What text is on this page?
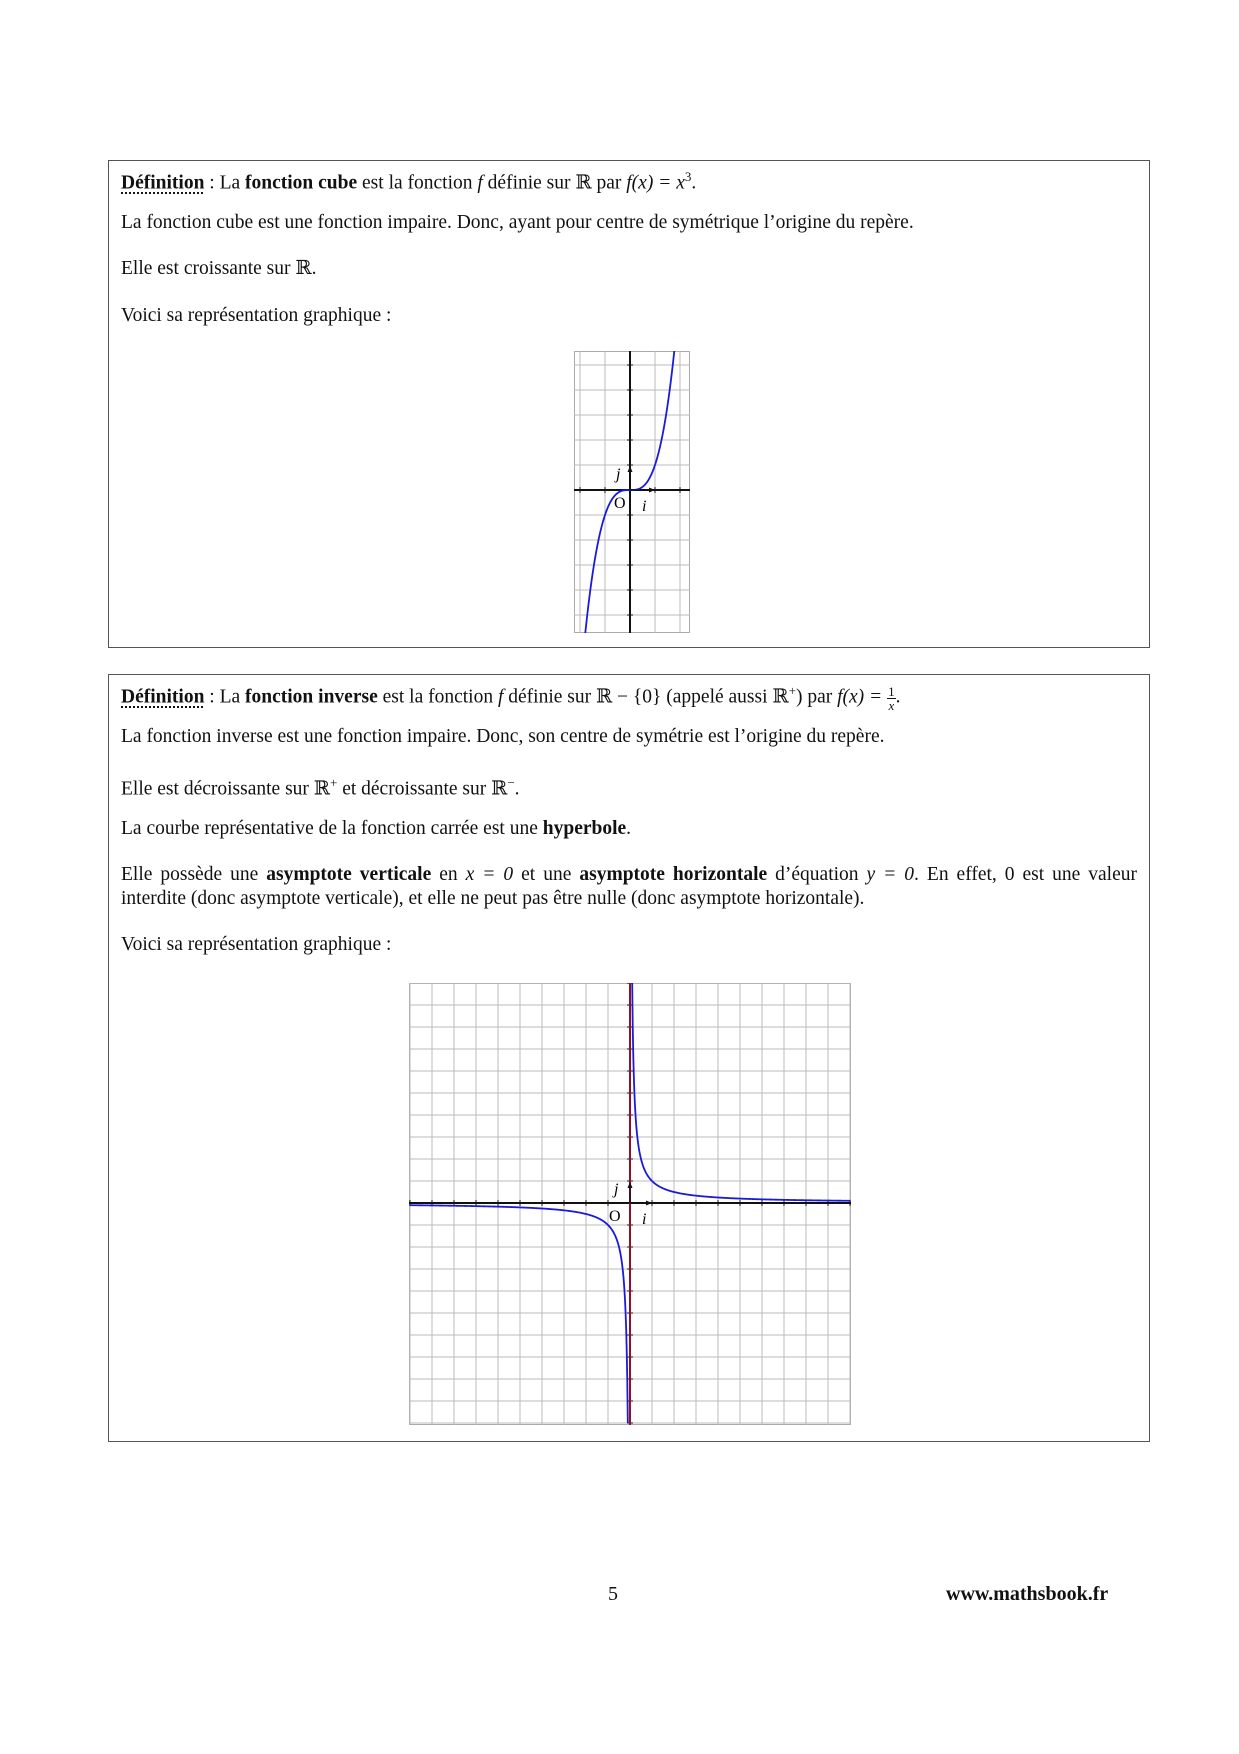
Définition : La fonction cube est la fonction f définie sur ℝ par $f(x) = x^3$.
La fonction cube est une fonction impaire. Donc, ayant pour centre de symétrique l’origine du repère.
Elle est croissante sur ℝ.
Voici sa représentation graphique :
j
O i
Définition : La fonction inverse est la fonction f définie sur ℝ − {0} (appelé aussi ℝ+) par $f(x) = \frac{1}{x}$ .
La fonction inverse est une fonction impaire. Donc, son centre de symétrie est l’origine du repère.
Elle est décroissante sur ℝ+ et décroissante sur ℝ−.
La courbe représentative de la fonction carrée est une hyperbole.
Elle possède une asymptote verticale en x = 0 et une asymptote horizontale d’équation y = 0. En effet, 0 est une valeur interdite (donc asymptote verticale), et elle ne peut pas être nulle (donc asymptote horizontale).
Voici sa représentation graphique :
j
O i
5	www.mathsbook.fr
